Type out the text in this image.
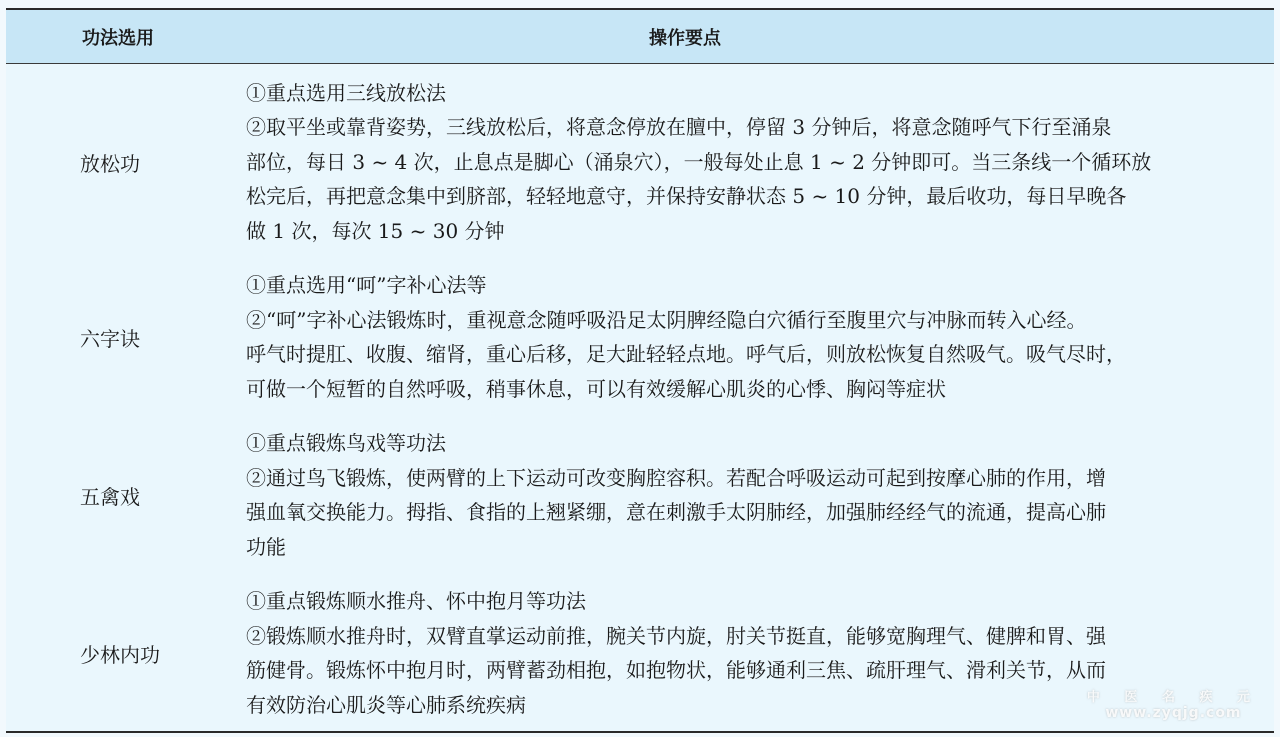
功法选用	操作要点
放松功
①重点选用三线放松法
②取平坐或靠背姿势，三线放松后，将意念停放在膻中，停留 3 分钟后，将意念随呼气下行至涌泉
部位，每日 3 ~ 4 次，止息点是脚心（涌泉穴），一般每处止息 1 ~ 2 分钟即可。当三条线一个循环放
松完后，再把意念集中到脐部，轻轻地意守，并保持安静状态 5 ~ 10 分钟，最后收功，每日早晚各
做 1 次，每次 15 ~ 30 分钟
六字诀
①重点选用“呵”字补心法等
②“呵”字补心法锻炼时，重视意念随呼吸沿足太阴脾经隐白穴循行至腹里穴与冲脉而转入心经。
呼气时提肛、收腹、缩肾，重心后移，足大趾轻轻点地。呼气后，则放松恢复自然吸气。吸气尽时，
可做一个短暂的自然呼吸，稍事休息，可以有效缓解心肌炎的心悸、胸闷等症状
五禽戏
①重点锻炼鸟戏等功法
②通过鸟飞锻炼，使两臂的上下运动可改变胸腔容积。若配合呼吸运动可起到按摩心肺的作用，增
强血氧交换能力。拇指、食指的上翘紧绷，意在刺激手太阴肺经，加强肺经经气的流通，提高心肺
功能
少林内功
①重点锻炼顺水推舟、怀中抱月等功法
②锻炼顺水推舟时，双臂直掌运动前推，腕关节内旋，肘关节挺直，能够宽胸理气、健脾和胃、强
筋健骨。锻炼怀中抱月时，两臂蓄劲相抱，如抱物状，能够通利三焦、疏肝理气、滑利关节，从而
有效防治心肌炎等心肺系统疾病	中 医 名 疾 元
www.zyqjg.com
